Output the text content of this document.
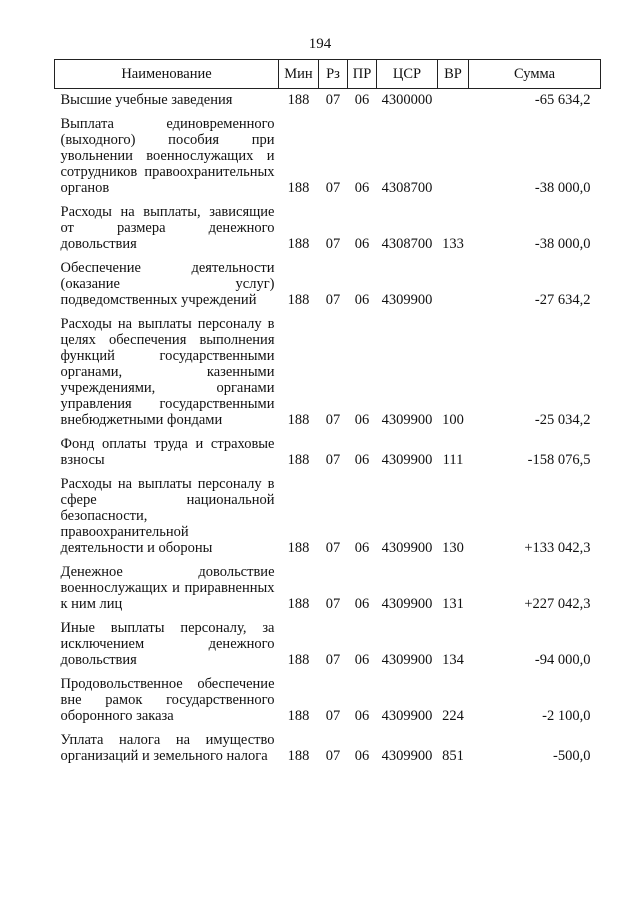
194
Наименование	Мин	Рз	ПР	ЦСР	ВР	Сумма
Высшие учебные заведения	188	07	06	4300000		-65 634,2
Выплата единовременного (выходного) пособия при увольнении военнослужащих и сотрудников правоохранительных органов	188	07	06	4308700		-38 000,0
Расходы на выплаты, зависящие от размера денежного довольствия	188	07	06	4308700	133	-38 000,0
Обеспечение деятельности (оказание услуг) подведомственных учреждений	188	07	06	4309900		-27 634,2
Расходы на выплаты персоналу в целях обеспечения выполнения функций государственными органами, казенными учреждениями, органами управления государственными внебюджетными фондами	188	07	06	4309900	100	-25 034,2
Фонд оплаты труда и страховые взносы	188	07	06	4309900	111	-158 076,5
Расходы на выплаты персоналу в сфере национальной безопасности, правоохранительной деятельности и обороны	188	07	06	4309900	130	+133 042,3
Денежное довольствие военнослужащих и приравненных к ним лиц	188	07	06	4309900	131	+227 042,3
Иные выплаты персоналу, за исключением денежного довольствия	188	07	06	4309900	134	-94 000,0
Продовольственное обеспечение вне рамок государственного оборонного заказа	188	07	06	4309900	224	-2 100,0
Уплата налога на имущество организаций и земельного налога	188	07	06	4309900	851	-500,0
